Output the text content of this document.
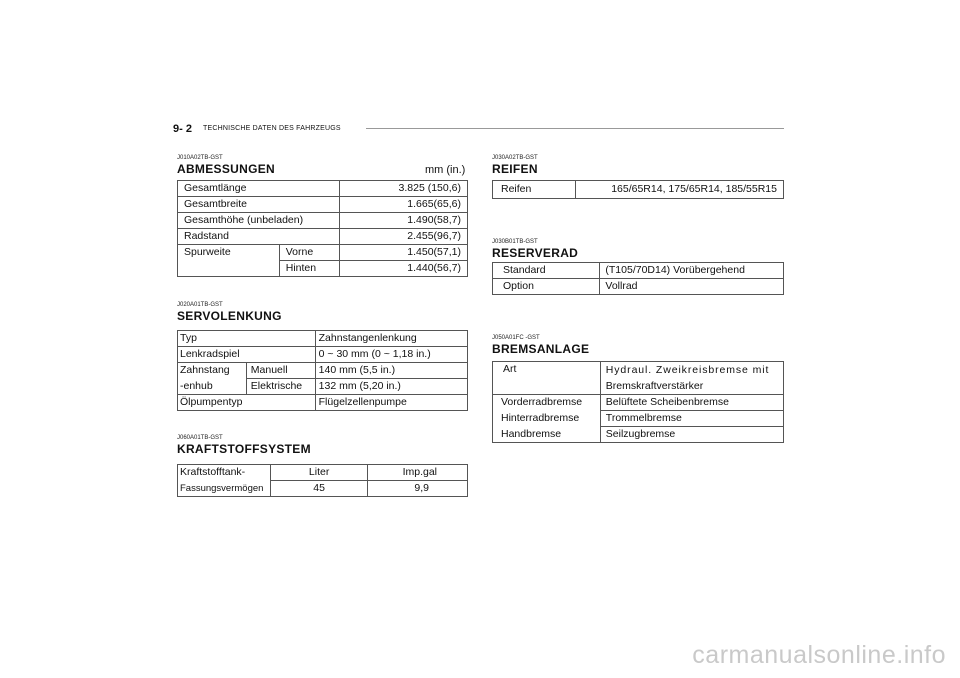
9- 2 TECHNISCHE DATEN DES FAHRZEUGS
J010A02TB-GST
ABMESSUNGEN	mm (in.)
Gesamtlänge		3.825 (150,6)
Gesamtbreite		1.665(65,6)
Gesamthöhe (unbeladen)		1.490(58,7)
Radstand		2.455(96,7)
Spurweite	Vorne	1.450(57,1)
	Hinten	1.440(56,7)
J020A01TB-GST
SERVOLENKUNG
Typ		Zahnstangenlenkung
Lenkradspiel		0 ~ 30 mm (0 ~ 1,18 in.)
Zahnstang	Manuell	140 mm (5,5 in.)
-enhub	Elektrische	132 mm (5,20 in.)
Ölpumpentyp		Flügelzellenpumpe
J060A01TB-GST
KRAFTSTOFFSYSTEM
Kraftstofftank-	Liter	Imp.gal
Fassungsvermögen	45	9,9
J030A02TB-GST
REIFEN
Reifen	165/65R14, 175/65R14, 185/55R15
J030B01TB-GST
RESERVERAD
Standard	(T105/70D14) Vorübergehend
Option	Vollrad
J050A01FC -GST
BREMSANLAGE
Art	Hydraul. Zweikreisbremse mit
Bremskraftverstärker

Vorderradbremse	Belüftete Scheibenbremse
Hinterradbremse	Trommelbremse
Handbremse	Seilzugbremse
carmanualsonline.info
